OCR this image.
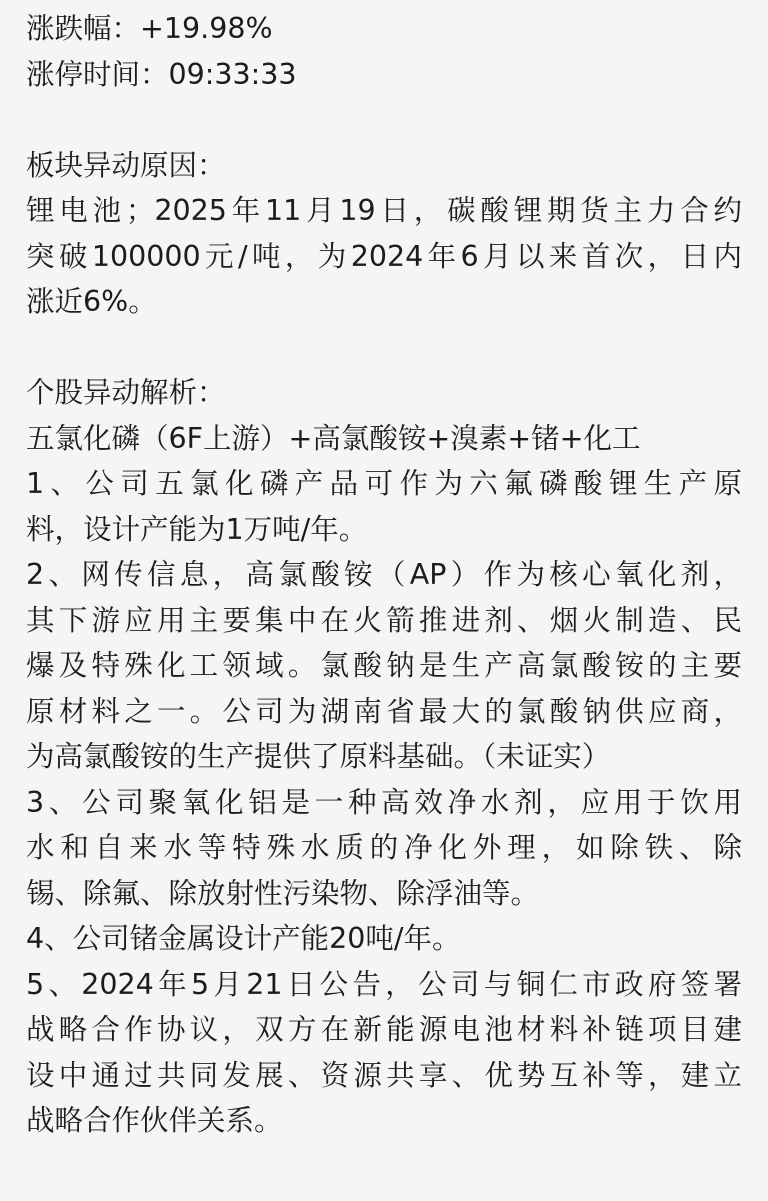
涨跌幅：+19.98%
涨停时间：09:33:33
板块异动原因：
锂电池；2025年11月19日，碳酸锂期货主力合约
突破100000元/吨，为2024年6月以来首次，日内
涨近6%。
个股异动解析：
五氯化磷（6F上游）+高氯酸铵+溴素+锗+化工
1、公司五氯化磷产品可作为六氟磷酸锂生产原
料，设计产能为1万吨/年。
2、网传信息，高氯酸铵（AP）作为核心氧化剂，
其下游应用主要集中在火箭推进剂、烟火制造、民
爆及特殊化工领域。氯酸钠是生产高氯酸铵的主要
原材料之一。公司为湖南省最大的氯酸钠供应商，
为高氯酸铵的生产提供了原料基础。（未证实）
3、公司聚氧化铝是一种高效净水剂，应用于饮用
水和自来水等特殊水质的净化外理，如除铁、除
锡、除氟、除放射性污染物、除浮油等。
4、公司锗金属设计产能20吨/年。
5、2024年5月21日公告，公司与铜仁市政府签署
战略合作协议，双方在新能源电池材料补链项目建
设中通过共同发展、资源共享、优势互补等，建立
战略合作伙伴关系。
